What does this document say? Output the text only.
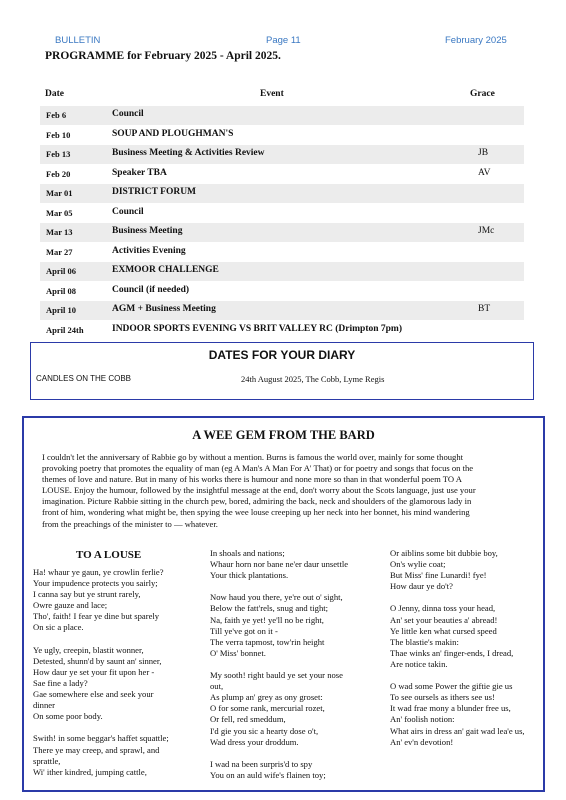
BULLETIN	Page 11	February 2025
PROGRAMME for February 2025 - April 2025.
Date	Event	Grace
Feb 6	Council
Feb 10	SOUP AND PLOUGHMAN'S
Feb 13	Business Meeting & Activities Review	JB
Feb 20	Speaker TBA	AV
Mar 01	DISTRICT FORUM
Mar 05	Council
Mar 13	Business Meeting	JMc
Mar 27	Activities Evening
April 06	EXMOOR CHALLENGE
April 08	Council (if needed)
April 10	AGM + Business Meeting	BT
April 24th	INDOOR SPORTS EVENING VS BRIT VALLEY RC (Drimpton 7pm)
DATES FOR YOUR DIARY
CANDLES ON THE COBB	24th August 2025, The Cobb, Lyme Regis
A WEE GEM FROM THE BARD
I couldn't let the anniversary of Rabbie go by without a mention. Burns is famous the world over, mainly for some thought
provoking poetry that promotes the equality of man (eg A Man's A Man For A' That) or for poetry and songs that focus on the
themes of love and nature. But in many of his works there is humour and none more so than in that wonderful poem TO A
LOUSE. Enjoy the humour, followed by the insightful message at the end, don't worry about the Scots language, just use your
imagination. Picture Rabbie sitting in the church pew, bored, admiring the back, neck and shoulders of the glamorous lady in
front of him, wondering what might be, then spying the wee louse creeping up her neck into her bonnet, his mind wandering
from the preachings of the minister to — whatever.
TO A LOUSE
Ha! whaur ye gaun, ye crowlin ferlie?
Your impudence protects you sairly;
I canna say but ye strunt rarely,
Owre gauze and lace;
Tho', faith! I fear ye dine but sparely
On sic a place.
Ye ugly, creepin, blastit wonner,
Detested, shunn'd by saunt an' sinner,
How daur ye set your fit upon her -
Sae fine a lady?
Gae somewhere else and seek your
dinner
On some poor body.
Swith! in some beggar's haffet squattle;
There ye may creep, and sprawl, and
sprattle,
Wi' ither kindred, jumping cattle,
In shoals and nations;
Whaur horn nor bane ne'er daur unsettle
Your thick plantations.
Now haud you there, ye're out o' sight,
Below the fatt'rels, snug and tight;
Na, faith ye yet! ye'll no be right,
Till ye've got on it -
The verra tapmost, tow'rin height
O' Miss' bonnet.
My sooth! right bauld ye set your nose
out,
As plump an' grey as ony groset:
O for some rank, mercurial rozet,
Or fell, red smeddum,
I'd gie you sic a hearty dose o't,
Wad dress your droddum.
I wad na been surpris'd to spy
You on an auld wife's flainen toy;
Or aiblins some bit dubbie boy,
On's wylie coat;
But Miss' fine Lunardi! fye!
How daur ye do't?
O Jenny, dinna toss your head,
An' set your beauties a' abread!
Ye little ken what cursed speed
The blastie's makin:
Thae winks an' finger-ends, I dread,
Are notice takin.
O wad some Power the giftie gie us
To see oursels as ithers see us!
It wad frae mony a blunder free us,
An' foolish notion:
What airs in dress an' gait wad lea'e us,
An' ev'n devotion!
